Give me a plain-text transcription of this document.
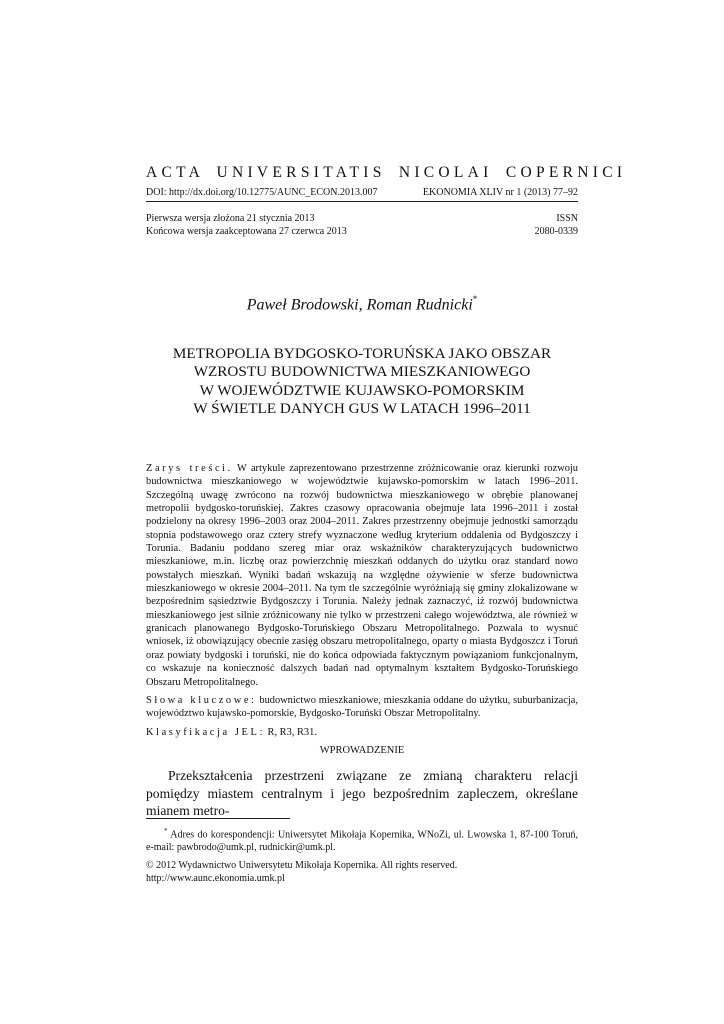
ACTA UNIVERSITATIS NICOLAI COPERNICI
DOI: http://dx.doi.org/10.12775/AUNC_ECON.2013.007	EKONOMIA XLIV nr 1 (2013) 77–92
Pierwsza wersja złożona 21 stycznia 2013	ISSN
Końcowa wersja zaakceptowana 27 czerwca 2013	2080-0339
Paweł Brodowski, Roman Rudnicki*
METROPOLIA BYDGOSKO-TORUŃSKA JAKO OBSZAR
WZROSTU BUDOWNICTWA MIESZKANIOWEGO
W WOJEWÓDZTWIE KUJAWSKO-POMORSKIM
W ŚWIETLE DANYCH GUS W LATACH 1996–2011

Zarys treści. W artykule zaprezentowano przestrzenne zróżnicowanie oraz kierunki rozwoju budownictwa mieszkaniowego w województwie kujawsko-pomorskim w latach 1996–2011. Szczególną uwagę zwrócono na rozwój budownictwa mieszkaniowego w obrębie planowanej metropolii bydgosko-toruńskiej. Zakres czasowy opracowania obejmuje lata 1996–2011 i został podzielony na okresy 1996–2003 oraz 2004–2011. Zakres przestrzenny obejmuje jednostki samorządu stopnia podstawowego oraz cztery strefy wyznaczone według kryterium oddalenia od Bydgoszczy i Torunia. Badaniu poddano szereg miar oraz wskaźników charakteryzujących budownictwo mieszkaniowe, m.in. liczbę oraz powierzchnię mieszkań oddanych do użytku oraz standard nowo powstałych mieszkań. Wyniki badań wskazują na względne ożywienie w sferze budownictwa mieszkaniowego w okresie 2004–2011. Na tym tle szczególnie wyróżniają się gminy zlokalizowane w bezpośrednim sąsiedztwie Bydgoszczy i Torunia. Należy jednak zaznaczyć, iż rozwój budownictwa mieszkaniowego jest silnie zróżnicowany nie tylko w przestrzeni całego województwa, ale również w granicach planowanego Bydgosko-Toruńskiego Obszaru Metropolitalnego. Pozwala to wysnuć wniosek, iż obowiązujący obecnie zasięg obszaru metropolitalnego, oparty o miasta Bydgoszcz i Toruń oraz powiaty bydgoski i toruński, nie do końca odpowiada faktycznym powiązaniom funkcjonalnym, co wskazuje na konieczność dalszych badań nad optymalnym kształtem Bydgosko-Toruńskiego Obszaru Metropolitalnego.

Słowa kluczowe: budownictwo mieszkaniowe, mieszkania oddane do użytku, suburbanizacja, województwo kujawsko-pomorskie, Bydgosko-Toruński Obszar Metropolitalny.

Klasyfikacja JEL: R, R3, R31.

WPROWADZENIE
Przekształcenia przestrzeni związane ze zmianą charakteru relacji pomiędzy miastem centralnym i jego bezpośrednim zapleczem, określane mianem metro-
* Adres do korespondencji: Uniwersytet Mikołaja Kopernika, WNoZi, ul. Lwowska 1, 87-100 Toruń, e-mail: pawbrodo@umk.pl, rudnickir@umk.pl.
© 2012 Wydawnictwo Uniwersytetu Mikołaja Kopernika. All rights reserved.
http://www.aunc.ekonomia.umk.pl
